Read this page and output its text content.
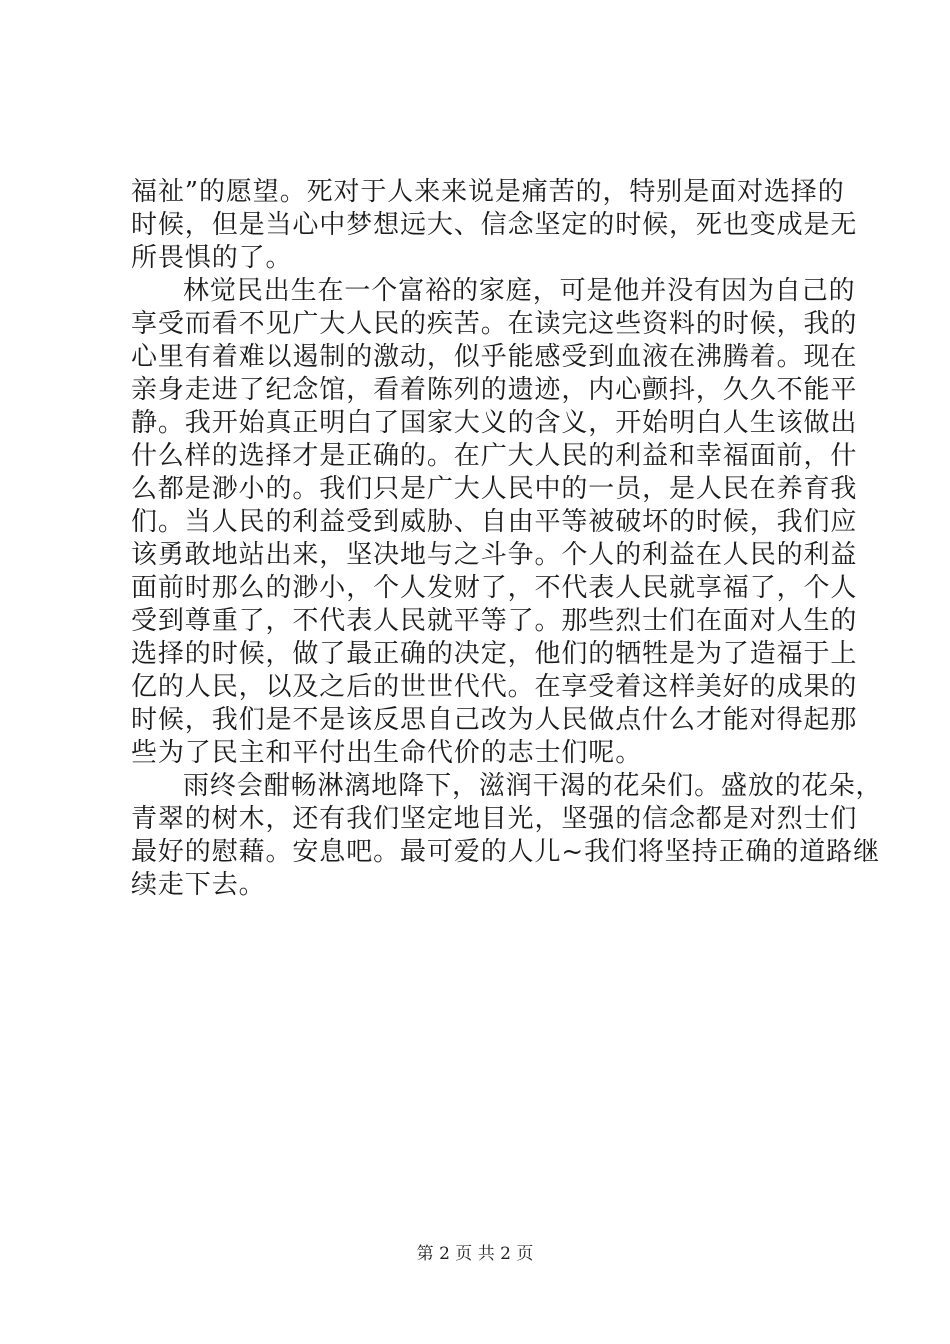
福祉”的愿望。死对于人来来说是痛苦的，特别是面对选择的
时候，但是当心中梦想远大、信念坚定的时候，死也变成是无
所畏惧的了。
林觉民出生在一个富裕的家庭，可是他并没有因为自己的
享受而看不见广大人民的疾苦。在读完这些资料的时候，我的
心里有着难以遏制的激动，似乎能感受到血液在沸腾着。现在
亲身走进了纪念馆，看着陈列的遗迹，内心颤抖，久久不能平
静。我开始真正明白了国家大义的含义，开始明白人生该做出
什么样的选择才是正确的。在广大人民的利益和幸福面前，什
么都是渺小的。我们只是广大人民中的一员，是人民在养育我
们。当人民的利益受到威胁、自由平等被破坏的时候，我们应
该勇敢地站出来，坚决地与之斗争。个人的利益在人民的利益
面前时那么的渺小，个人发财了，不代表人民就享福了，个人
受到尊重了，不代表人民就平等了。那些烈士们在面对人生的
选择的时候，做了最正确的决定，他们的牺牲是为了造福于上
亿的人民，以及之后的世世代代。在享受着这样美好的成果的
时候，我们是不是该反思自己改为人民做点什么才能对得起那
些为了民主和平付出生命代价的志士们呢。
雨终会酣畅淋漓地降下，滋润干渴的花朵们。盛放的花朵，
青翠的树木，还有我们坚定地目光，坚强的信念都是对烈士们
最好的慰藉。安息吧。最可爱的人儿~我们将坚持正确的道路继
续走下去。
第 2 页 共 2 页
